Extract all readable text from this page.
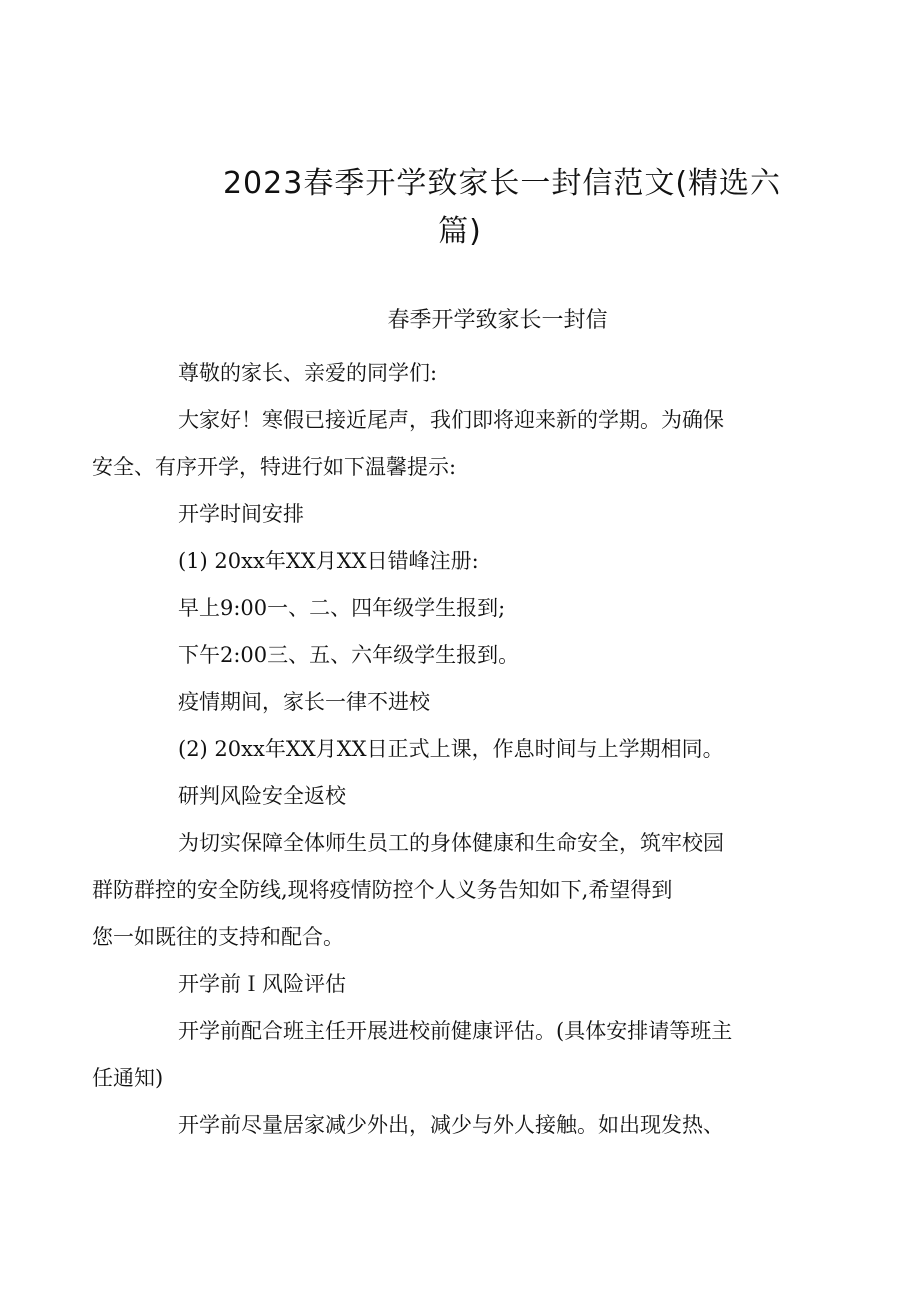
2023春季开学致家长一封信范文(精选六
篇)
春季开学致家长一封信

尊敬的家长、亲爱的同学们:

大家好！寒假已接近尾声，我们即将迎来新的学期。为确保
安全、有序开学，特进行如下温馨提示:

开学时间安排

(1) 20xx年XX月XX日错峰注册:

早上9:00一、二、四年级学生报到;

下午2:00三、五、六年级学生报到。

疫情期间，家长一律不进校

(2) 20xx年XX月XX日正式上课，作息时间与上学期相同。

研判风险安全返校

为切实保障全体师生员工的身体健康和生命安全，筑牢校园
群防群控的安全防线,现将疫情防控个人义务告知如下,希望得到
您一如既往的支持和配合。

开学前Ｉ风险评估

开学前配合班主任开展进校前健康评估。(具体安排请等班主
任通知)

开学前尽量居家减少外出，减少与外人接触。如出现发热、
